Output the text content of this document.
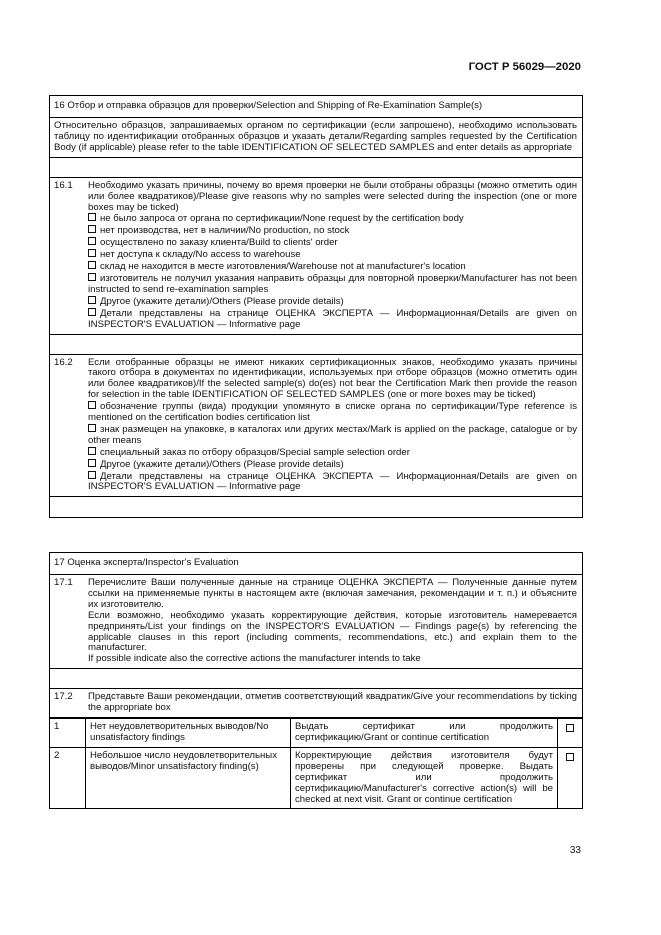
ГОСТ Р 56029—2020
16 Отбор и отправка образцов для проверки/Selection and Shipping of Re-Examination Sample(s)
Относительно образцов, запрашиваемых органом по сертификации (если запрошено), необходимо использовать таблицу по идентификации отобранных образцов и указать детали/Regarding samples requested by the Certification Body (if applicable) please refer to the table IDENTIFICATION OF SELECTED SAMPLES and enter details as appropriate
16.1	Необходимо указать причины, почему во время проверки не были отобраны образцы (можно отметить один или более квадратиков)/Please give reasons why no samples were selected during the inspection (one or more boxes may be ticked)
не было запроса от органа по сертификации/None request by the certification body
нет производства, нет в наличии/No production, no stock
осуществлено по заказу клиента/Build to clients' order
нет доступа к складу/No access to warehouse
склад не находится в месте изготовления/Warehouse not at manufacturer's location
изготовитель не получил указания направить образцы для повторной проверки/Manufacturer has not been instructed to send re-examination samples
Другое (укажите детали)/Others (Please provide details)
Детали представлены на странице ОЦЕНКА ЭКСПЕРТА — Информационная/Details are given on INSPECTOR'S EVALUATION — Informative page
16.2	Если отобранные образцы не имеют никаких сертификационных знаков, необходимо указать причины такого отбора в документах по идентификации, используемых при отборе образцов (можно отметить один или более квадратиков)/If the selected sample(s) do(es) not bear the Certification Mark then provide the reason for selection in the table IDENTIFICATION OF SELECTED SAMPLES (one or more boxes may be ticked)
обозначение группы (вида) продукции упомянуто в списке органа по сертификации/Type reference is mentioned on the certification bodies certification list
знак размещен на упаковке, в каталогах или других местах/Mark is applied on the package, catalogue or by other means
специальный заказ по отбору образцов/Special sample selection order
Другое (укажите детали)/Others (Please provide details)
Детали представлены на странице ОЦЕНКА ЭКСПЕРТА — Информационная/Details are given on INSPECTOR'S EVALUATION — Informative page
17 Оценка эксперта/Inspector's Evaluation
17.1	Перечислите Ваши полученные данные на странице ОЦЕНКА ЭКСПЕРТА — Полученные данные путем ссылки на применяемые пункты в настоящем акте (включая замечания, рекомендации и т. п.) и объясните их изготовителю.

Если возможно, необходимо указать корректирующие действия, которые изготовитель намеревается предпринять/List your findings on the INSPECTOR'S EVALUATION — Findings page(s) by referencing the applicable clauses in this report (including comments, recommendations, etc.) and explain them to the manufacturer.

If possible indicate also the corrective actions the manufacturer intends to take

17.2	Представьте Ваши рекомендации, отметив соответствующий квадратик/Give your recommendations by ticking the appropriate box
1	Нет неудовлетворительных выводов/No unsatisfactory findings	Выдать сертификат или продолжить сертификацию/Grant or continue certification	
2	Небольшое число неудовлетворительных выводов/Minor unsatisfactory finding(s)	Корректирующие действия изготовителя будут проверены при следующей проверке. Выдать сертификат или продолжить сертификацию/Manufacturer's corrective action(s) will be checked at next visit. Grant or continue certification	
33
